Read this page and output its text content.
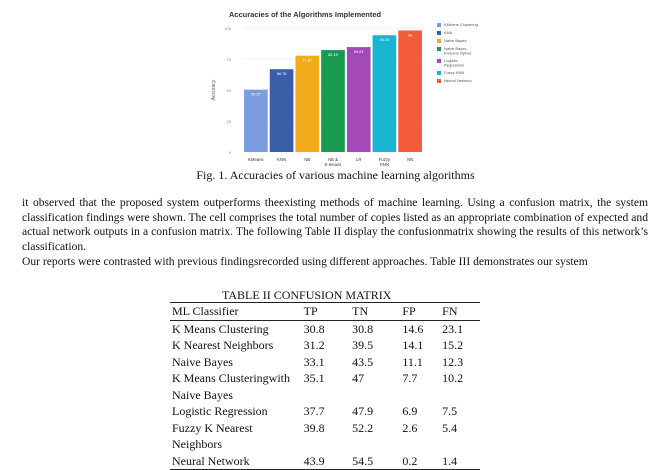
Accuracies of the Algorithms Implemented
0
25
50
75
100
Accuracy	50.27
KMeans
66.76
KNN
77.67
NB
82.19
NB & K-means
84.61
LR
94.19
Fuzzy KNN
98
NN
KMeans Clustering
KNN
Naive Bayes
Naive Bayes Kmeans Hybrid
Logistic Regression
Fuzzy KNN
Neural Network
Fig. 1. Accuracies of various machine learning algorithms

it observed that the proposed system outperforms theexisting methods of machine learning. Using a confusion matrix, the system classification findings were shown. The cell comprises the total number of copies listed as an appropriate combination of expected and actual network outputs in a confusion matrix. The following Table II display the confusionmatrix showing the results of this network’s classification.

Our reports were contrasted with previous findingsrecorded using different approaches. Table III demonstrates our system

TABLE II CONFUSION MATRIX
ML Classifier	TP	TN	FP	FN
K Means Clustering	30.8	30.8	14.6	23.1
K Nearest Neighbors	31.2	39.5	14.1	15.2
Naive Bayes	33.1	43.5	11.1	12.3
K Means Clusteringwith Naive Bayes	35.1	47	7.7	10.2
Logistic Regression	37.7	47.9	6.9	7.5
Fuzzy K Nearest Neighbors	39.8	52.2	2.6	5.4
Neural Network	43.9	54.5	0.2	1.4
